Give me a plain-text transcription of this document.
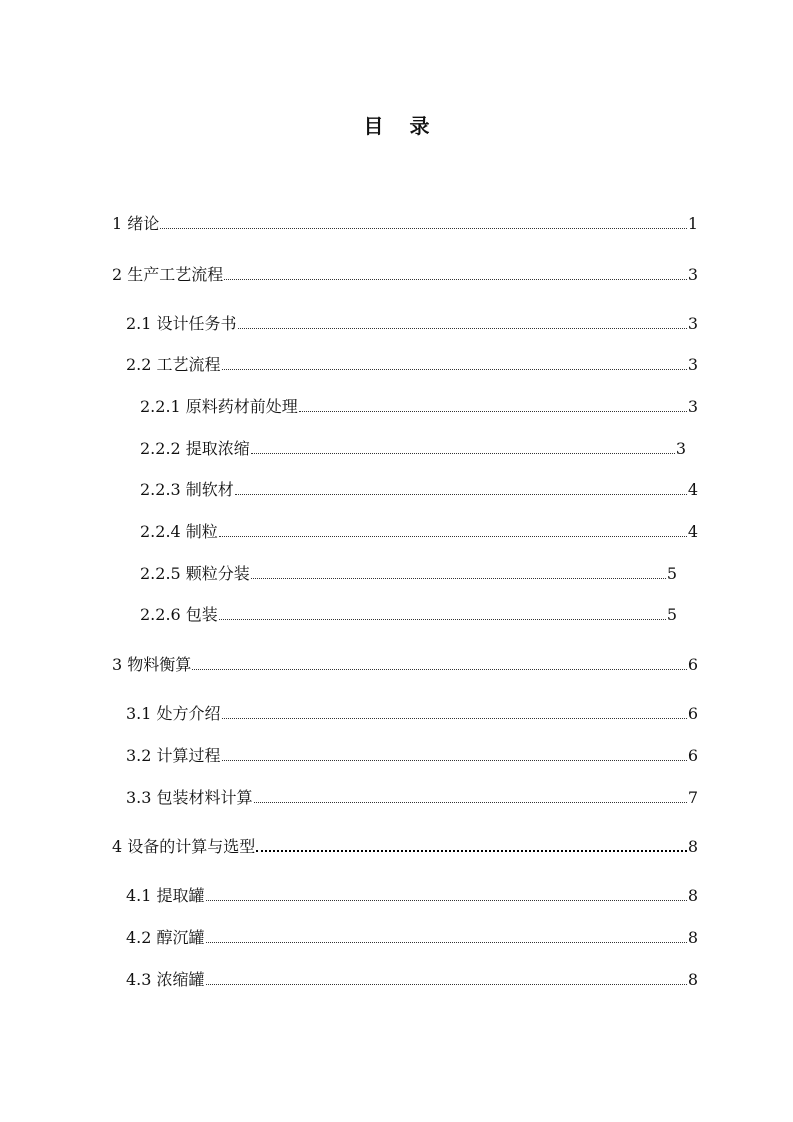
目 录
1 绪论	1
2 生产工艺流程	3
2.1 设计任务书	3
2.2 工艺流程	3
2.2.1 原料药材前处理	3
2.2.2 提取浓缩	3
2.2.3 制软材	4
2.2.4 制粒	4
2.2.5 颗粒分装	5
2.2.6 包装	5
3 物料衡算	6
3.1 处方介绍	6
3.2 计算过程	6
3.3 包装材料计算	7
4 设备的计算与选型	8
4.1 提取罐	8
4.2 醇沉罐	8
4.3 浓缩罐	8
